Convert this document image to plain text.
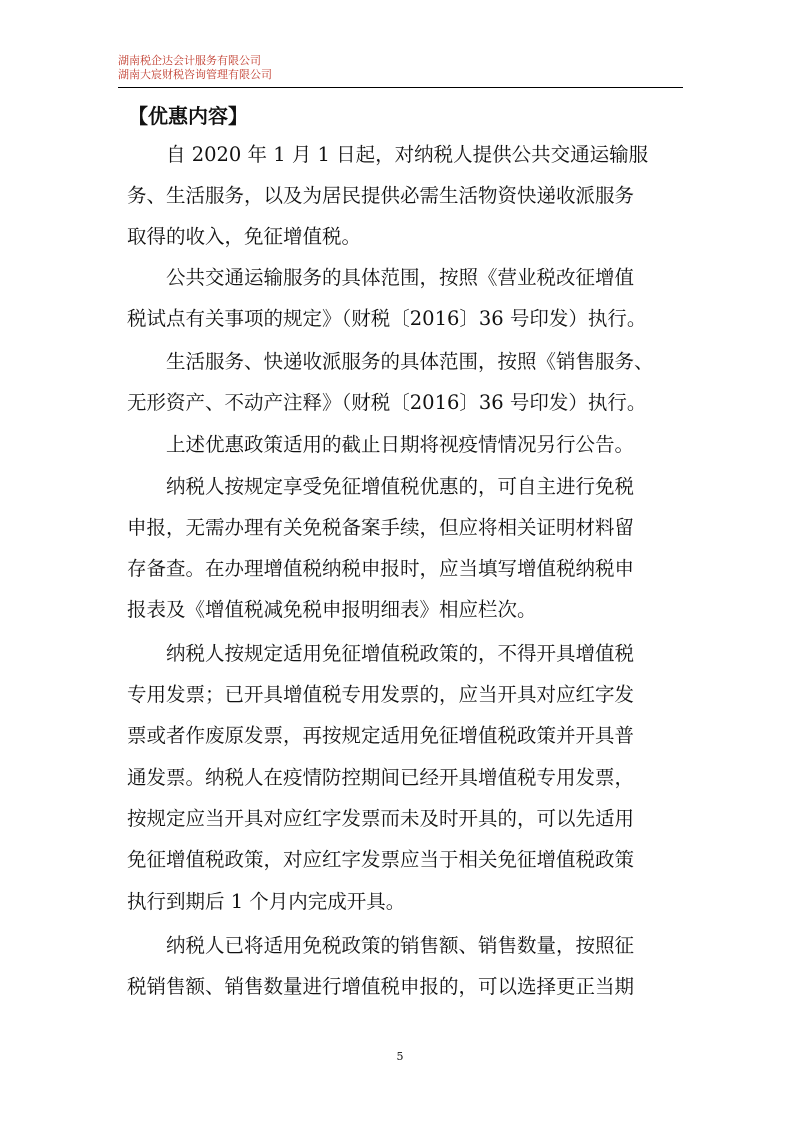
湖南税企达会计服务有限公司
湖南大宸财税咨询管理有限公司
【优惠内容】
自 2020 年 1 月 1 日起，对纳税人提供公共交通运输服
务、生活服务，以及为居民提供必需生活物资快递收派服务
取得的收入，免征增值税。
公共交通运输服务的具体范围，按照《营业税改征增值
税试点有关事项的规定》（财税〔2016〕36 号印发）执行。
生活服务、快递收派服务的具体范围，按照《销售服务、
无形资产、不动产注释》（财税〔2016〕36 号印发）执行。
上述优惠政策适用的截止日期将视疫情情况另行公告。
纳税人按规定享受免征增值税优惠的，可自主进行免税
申报，无需办理有关免税备案手续，但应将相关证明材料留
存备查。在办理增值税纳税申报时，应当填写增值税纳税申
报表及《增值税减免税申报明细表》相应栏次。
纳税人按规定适用免征增值税政策的，不得开具增值税
专用发票；已开具增值税专用发票的，应当开具对应红字发
票或者作废原发票，再按规定适用免征增值税政策并开具普
通发票。纳税人在疫情防控期间已经开具增值税专用发票，
按规定应当开具对应红字发票而未及时开具的，可以先适用
免征增值税政策，对应红字发票应当于相关免征增值税政策
执行到期后 1 个月内完成开具。
纳税人已将适用免税政策的销售额、销售数量，按照征
税销售额、销售数量进行增值税申报的，可以选择更正当期
5
